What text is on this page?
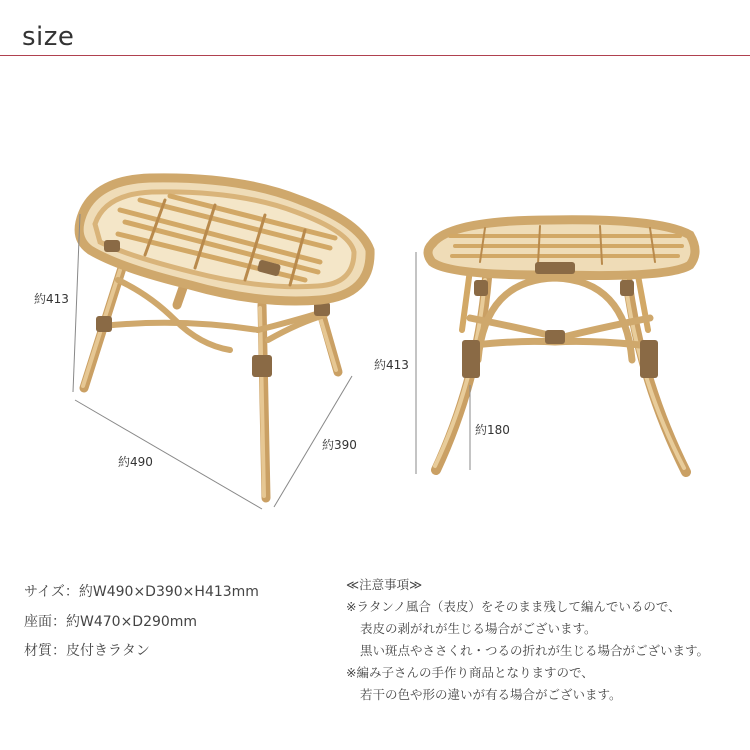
size
約413
約490
約390
約413
約180
サイズ：約W490×D390×H413mm
座面：約W470×D290mm
材質：皮付きラタン
≪注意事項≫
※ラタンノ風合（表皮）をそのまま残して編んでいるので、
表皮の剥がれが生じる場合がございます。
黒い斑点やささくれ・つるの折れが生じる場合がございます。
※編み子さんの手作り商品となりますので、
若干の色や形の違いが有る場合がございます。
